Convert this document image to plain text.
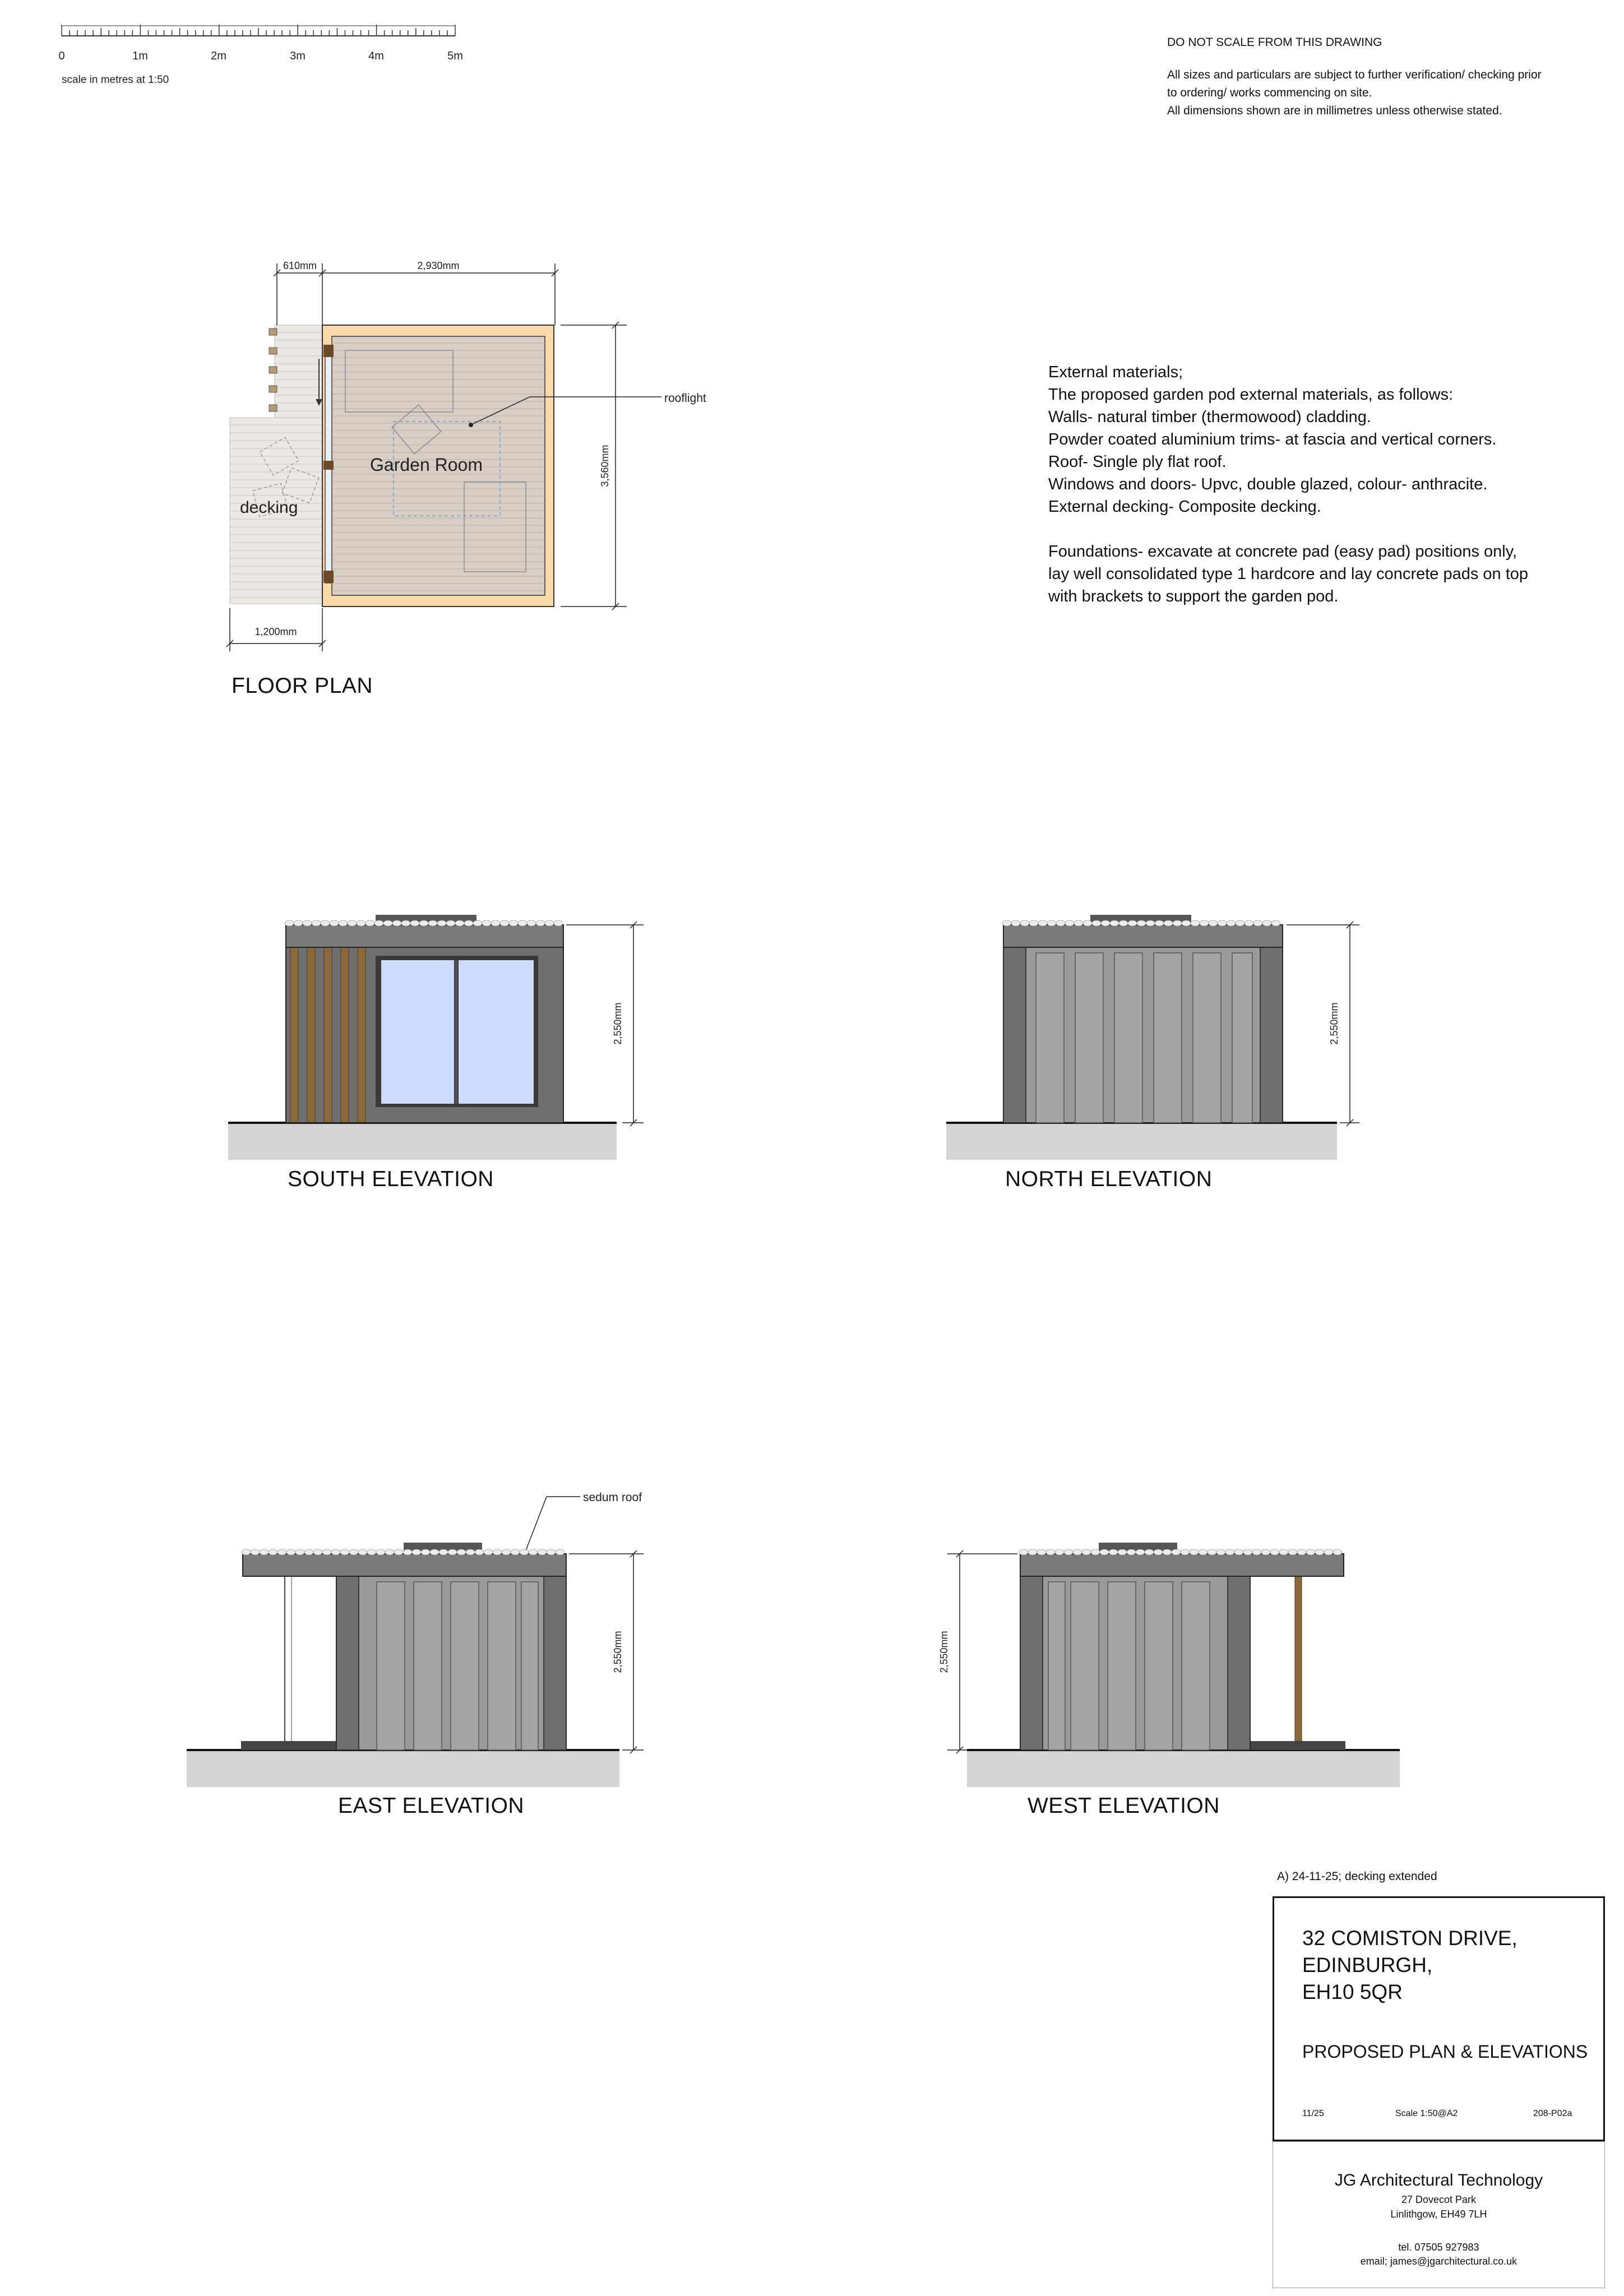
0	1m	2m	3m	4m	5m
scale in metres at 1:50
rooflight
Garden Room
decking
610mm	2,930mm
3,560mm
1,200mm
2,550mm	2,550mm
sedum roof
2,550mm	2,550mm
DO NOT SCALE FROM THIS DRAWING
All sizes and particulars are subject to further verification/ checking prior
to ordering/ works commencing on site.
All dimensions shown are in millimetres unless otherwise stated.
External materials;
The proposed garden pod external materials, as follows:
Walls- natural timber (thermowood) cladding.
Powder coated aluminium trims- at fascia and vertical corners.
Roof- Single ply flat roof.
Windows and doors- Upvc, double glazed, colour- anthracite.
External decking- Composite decking.
Foundations- excavate at concrete pad (easy pad) positions only,
lay well consolidated type 1 hardcore and lay concrete pads on top
with brackets to support the garden pod.
FLOOR PLAN
SOUTH ELEVATION	NORTH ELEVATION
EAST ELEVATION	WEST ELEVATION
A) 24-11-25; decking extended
32 COMISTON DRIVE,
EDINBURGH,
EH10 5QR
PROPOSED PLAN & ELEVATIONS
11/25	Scale 1:50@A2	208-P02a
JG Architectural Technology
27 Dovecot Park
Linlithgow, EH49 7LH
tel. 07505 927983
email; james@jgarchitectural.co.uk
